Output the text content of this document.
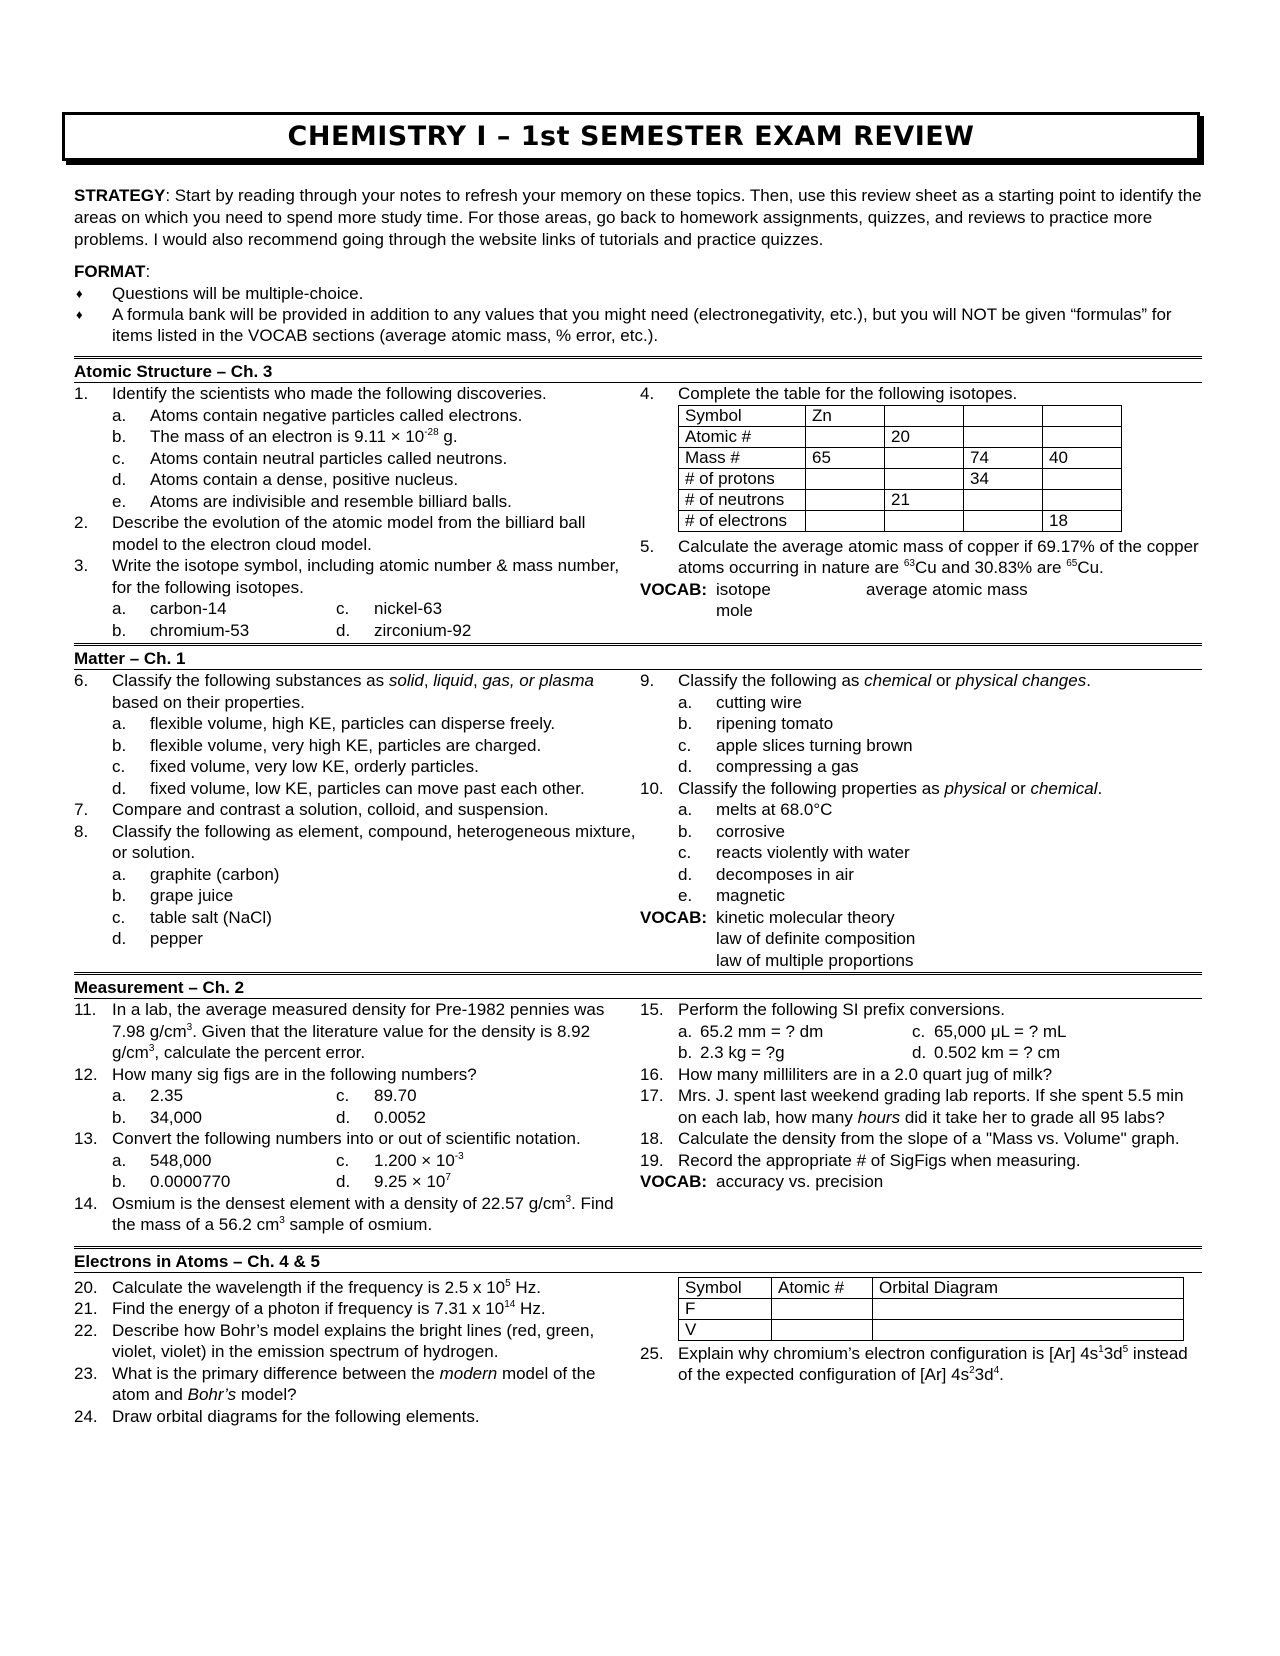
CHEMISTRY I – 1st SEMESTER EXAM REVIEW

STRATEGY: Start by reading through your notes to refresh your memory on these topics. Then, use this review sheet as a starting point to identify the areas on which you need to spend more study time. For those areas, go back to homework assignments, quizzes, and reviews to practice more problems. I would also recommend going through the website links of tutorials and practice quizzes.

FORMAT:
♦ Questions will be multiple-choice.
♦ A formula bank will be provided in addition to any values that you might need (electronegativity, etc.), but you will NOT be given “formulas” for items listed in the VOCAB sections (average atomic mass, % error, etc.).
Atomic Structure – Ch. 3
1.	Identify the scientists who made the following discoveries.
a.	Atoms contain negative particles called electrons.
b.	The mass of an electron is $9.11 \times 10^{-28}$ g.
c.	Atoms contain neutral particles called neutrons.
d.	Atoms contain a dense, positive nucleus.
e.	Atoms are indivisible and resemble billiard balls.
2.	Describe the evolution of the atomic model from the billiard ball model to the electron cloud model.
3.	Write the isotope symbol, including atomic number & mass number, for the following isotopes.
a.	carbon-14	c.	nickel-63
b.	chromium-53	d.	zirconium-92
4.	Complete the table for the following isotopes.
Symbol	Zn			
Atomic #		20		
Mass #	65		74	40
# of protons			34	
# of neutrons		21		
# of electrons				18
5.	Calculate the average atomic mass of copper if 69.17% of the copper atoms occurring in nature are $^{63}$Cu and 30.83% are $^{65}$Cu.
VOCAB: isotope	average atomic mass
mole
Matter – Ch. 1
6.	Classify the following substances as solid, liquid, gas, or plasma based on their properties.
a.	flexible volume, high KE, particles can disperse freely.
b.	flexible volume, very high KE, particles are charged.
c.	fixed volume, very low KE, orderly particles.
d.	fixed volume, low KE, particles can move past each other.
7.	Compare and contrast a solution, colloid, and suspension.
8.	Classify the following as element, compound, heterogeneous mixture, or solution.
a.	graphite (carbon)
b.	grape juice
c.	table salt (NaCl)
d.	pepper
9.	Classify the following as chemical or physical changes.
a.	cutting wire
b.	ripening tomato
c.	apple slices turning brown
d.	compressing a gas
10. Classify the following properties as physical or chemical.
a.	melts at 68.0°C
b.	corrosive
c.	reacts violently with water
d.	decomposes in air
e.	magnetic
VOCAB: kinetic molecular theory
law of definite composition
law of multiple proportions
Measurement – Ch. 2
11. In a lab, the average measured density for Pre-1982 pennies was 7.98 $g/cm^3$. Given that the literature value for the density is 8.92 $g/cm^3$, calculate the percent error.
12. How many sig figs are in the following numbers?
a.	2.35	c.	89.70
b.	34,000	d.	0.0052
13. Convert the following numbers into or out of scientific notation.
a.	548,000	c.	$1.200 \times 10^{-3}$
b.	0.0000770	d.	$9.25 \times 10^7$
14. Osmium is the densest element with a density of 22.57 $g/cm^3$. Find the mass of a 56.2 $cm^3$ sample of osmium.
15. Perform the following SI prefix conversions.
a. 65.2 mm = ? dm	c. 65,000 μL = ? mL
b. 2.3 kg = ?g	d. 0.502 km = ? cm
16. How many milliliters are in a 2.0 quart jug of milk?
17. Mrs. J. spent last weekend grading lab reports. If she spent 5.5 min on each lab, how many hours did it take her to grade all 95 labs?
18. Calculate the density from the slope of a "Mass vs. Volume" graph.
19. Record the appropriate # of SigFigs when measuring.
VOCAB: accuracy vs. precision
Electrons in Atoms – Ch. 4 & 5
20. Calculate the wavelength if the frequency is 2.5 x $10^5$ Hz.
21. Find the energy of a photon if frequency is 7.31 x $10^{14}$ Hz.
22. Describe how Bohr’s model explains the bright lines (red, green, violet, violet) in the emission spectrum of hydrogen.
23. What is the primary difference between the modern model of the atom and Bohr’s model?
24. Draw orbital diagrams for the following elements.
Symbol	Atomic #	Orbital Diagram
F		
V		
25. Explain why chromium’s electron configuration is [Ar] $4s^13d^5$ instead of the expected configuration of [Ar] $4s^23d^4$.
